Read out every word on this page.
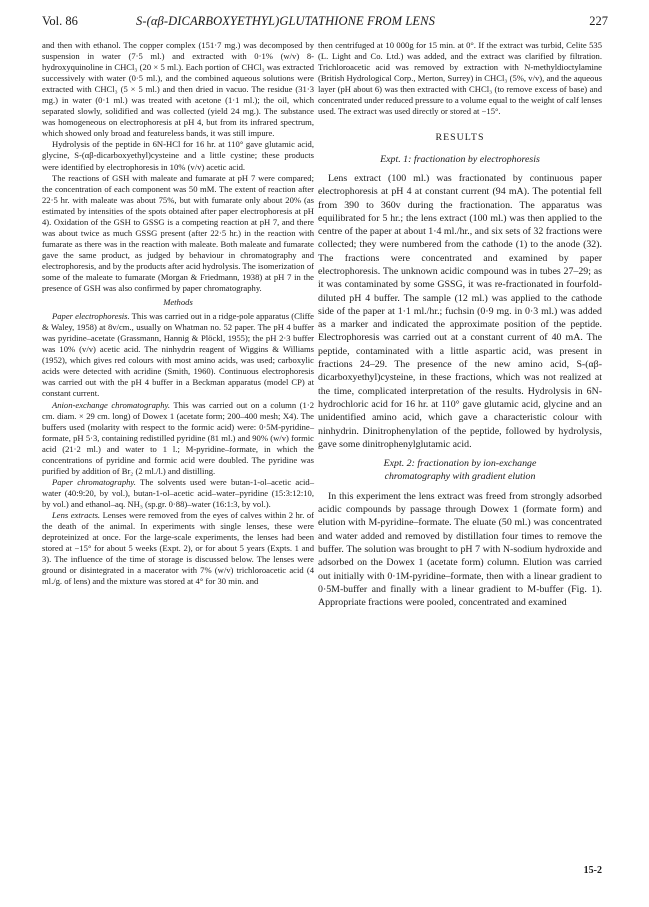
Vol. 86	S-(αβ-DICARBOXYETHYL)GLUTATHIONE FROM LENS	227

and then with ethanol. The copper complex (151·7 mg.) was decomposed by suspension in water (7·5 ml.) and extracted with 0·1% (w/v) 8-hydroxyquinoline in CHCl₃ (20 × 5 ml.). Each portion of CHCl₃ was extracted successively with water (0·5 ml.), and the combined aqueous solutions were extracted with CHCl₃ (5 × 5 ml.) and then dried in vacuo. The residue (31·3 mg.) in water (0·1 ml.) was treated with acetone (1·1 ml.); the oil, which separated slowly, solidified and was collected (yield 24 mg.). The substance was homogeneous on electrophoresis at pH 4, but from its infrared spectrum, which showed only broad and featureless bands, it was still impure.

Hydrolysis of the peptide in 6N-HCl for 16 hr. at 110° gave glutamic acid, glycine, S-(αβ-dicarboxyethyl)cysteine and a little cystine; these products were identified by electrophoresis in 10% (v/v) acetic acid.

The reactions of GSH with maleate and fumarate at pH 7 were compared; the concentration of each component was 50 mM. The extent of reaction after 22·5 hr. with maleate was about 75%, but with fumarate only about 20% (as estimated by intensities of the spots obtained after paper electrophoresis at pH 4). Oxidation of the GSH to GSSG is a competing reaction at pH 7, and there was about twice as much GSSG present (after 22·5 hr.) in the reaction with fumarate as there was in the reaction with maleate. Both maleate and fumarate gave the same product, as judged by behaviour in chromatography and electrophoresis, and by the products after acid hydrolysis. The isomerization of some of the maleate to fumarate (Morgan & Friedmann, 1938) at pH 7 in the presence of GSH was also confirmed by paper chromatography.

Methods

Paper electrophoresis. This was carried out in a ridge-pole apparatus (Cliffe & Waley, 1958) at 8v/cm., usually on Whatman no. 52 paper. The pH 4 buffer was pyridine–acetate (Grassmann, Hannig & Plöckl, 1955); the pH 2·3 buffer was 10% (v/v) acetic acid. The ninhydrin reagent of Wiggins & Williams (1952), which gives red colours with most amino acids, was used; carboxylic acids were detected with acridine (Smith, 1960). Continuous electrophoresis was carried out with the pH 4 buffer in a Beckman apparatus (model CP) at constant current.

Anion-exchange chromatography. This was carried out on a column (1·2 cm. diam. × 29 cm. long) of Dowex 1 (acetate form; 200–400 mesh; X4). The buffers used (molarity with respect to the formic acid) were: 0·5M-pyridine–formate, pH 5·3, containing redistilled pyridine (81 ml.) and 90% (w/v) formic acid (21·2 ml.) and water to 1 l.; M-pyridine–formate, in which the concentrations of pyridine and formic acid were doubled. The pyridine was purified by addition of Br₂ (2 ml./l.) and distilling.

Paper chromatography. The solvents used were butan-1-ol–acetic acid–water (40:9:20, by vol.), butan-1-ol–acetic acid–water–pyridine (15:3:12:10, by vol.) and ethanol–aq. NH₃ (sp.gr. 0·88)–water (16:1:3, by vol.).

Lens extracts. Lenses were removed from the eyes of calves within 2 hr. of the death of the animal. In experiments with single lenses, these were deproteinized at once. For the large-scale experiments, the lenses had been stored at −15° for about 5 weeks (Expt. 2), or for about 5 years (Expts. 1 and 3). The influence of the time of storage is discussed below. The lenses were ground or disintegrated in a macerator with 7% (w/v) trichloroacetic acid (4 ml./g. of lens) and the mixture was stored at 4° for 30 min. and

then centrifuged at 10 000g for 15 min. at 0°. If the extract was turbid, Celite 535 (L. Light and Co. Ltd.) was added, and the extract was clarified by filtration. Trichloroacetic acid was removed by extraction with N-methyldioctylamine (British Hydrological Corp., Merton, Surrey) in CHCl₃ (5%, v/v), and the aqueous layer (pH about 6) was then extracted with CHCl₃ (to remove excess of base) and concentrated under reduced pressure to a volume equal to the weight of calf lenses used. The extract was used directly or stored at −15°.

RESULTS
Expt. 1: fractionation by electrophoresis

Lens extract (100 ml.) was fractionated by continuous paper electrophoresis at pH 4 at constant current (94 mA). The potential fell from 390 to 360v during the fractionation. The apparatus was equilibrated for 5 hr.; the lens extract (100 ml.) was then applied to the centre of the paper at about 1·4 ml./hr., and six sets of 32 fractions were collected; they were numbered from the cathode (1) to the anode (32). The fractions were concentrated and examined by paper electrophoresis. The unknown acidic compound was in tubes 27–29; as it was contaminated by some GSSG, it was re-fractionated in fourfold-diluted pH 4 buffer. The sample (12 ml.) was applied to the cathode side of the paper at 1·1 ml./hr.; fuchsin (0·9 mg. in 0·3 ml.) was added as a marker and indicated the approximate position of the peptide. Electrophoresis was carried out at a constant current of 40 mA. The peptide, contaminated with a little aspartic acid, was present in fractions 24–29. The presence of the new amino acid, S-(αβ-dicarboxyethyl)cysteine, in these fractions, which was not realized at the time, complicated interpretation of the results. Hydrolysis in 6N-hydrochloric acid for 16 hr. at 110° gave glutamic acid, glycine and an unidentified amino acid, which gave a characteristic colour with ninhydrin. Dinitrophenylation of the peptide, followed by hydrolysis, gave some dinitrophenylglutamic acid.

Expt. 2: fractionation by ion-exchange
chromatography with gradient elution

In this experiment the lens extract was freed from strongly adsorbed acidic compounds by passage through Dowex 1 (formate form) and elution with M-pyridine–formate. The eluate (50 ml.) was concentrated and water added and removed by distillation four times to remove the buffer. The solution was brought to pH 7 with N-sodium hydroxide and adsorbed on the Dowex 1 (acetate form) column. Elution was carried out initially with 0·1M-pyridine–formate, then with a linear gradient to 0·5M-buffer and finally with a linear gradient to M-buffer (Fig. 1). Appropriate fractions were pooled, concentrated and examined

15-2
